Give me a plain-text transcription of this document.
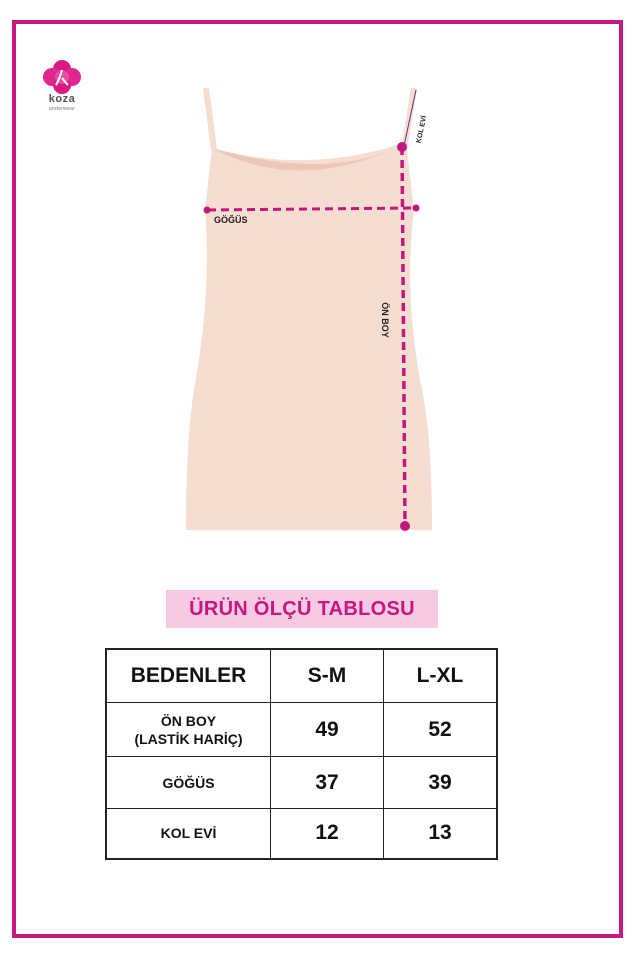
koza
underwear
KOL EVİ
GÖĞÜS
ÖN BOY
ÜRÜN ÖLÇÜ TABLOSU
BEDENLER	S-M	L-XL

ÖN BOY
(LASTİK HARİÇ)	49	52
GÖĞÜS	37	39
KOL EVİ	12	13
